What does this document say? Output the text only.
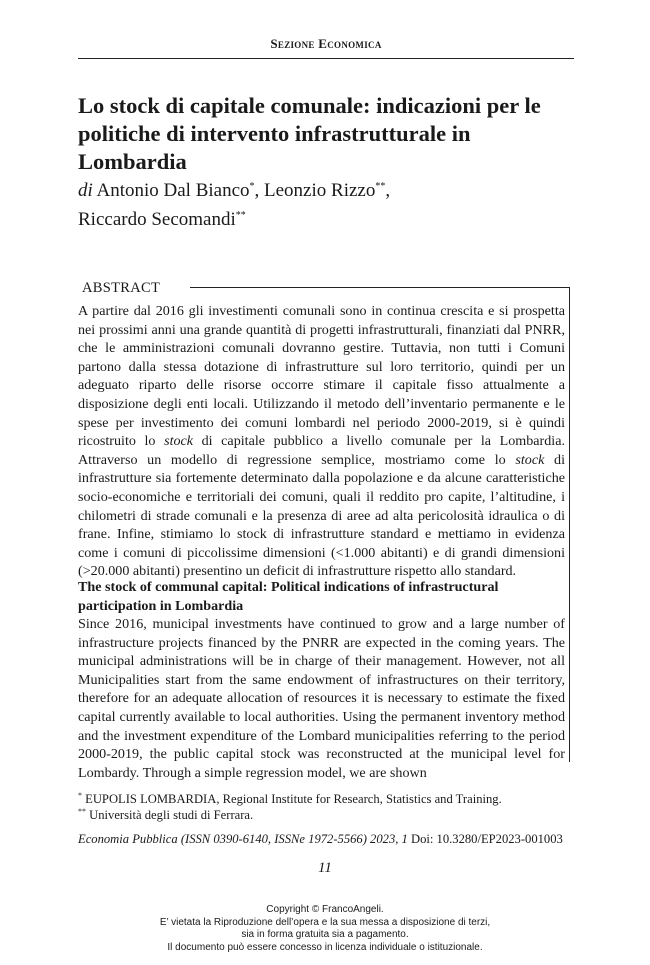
Sezione Economica
Lo stock di capitale comunale: indicazioni per le politiche di intervento infrastrutturale in Lombardia
di Antonio Dal Bianco*, Leonzio Rizzo**,
Riccardo Secomandi**
ABSTRACT
A partire dal 2016 gli investimenti comunali sono in continua crescita e si prospetta nei prossimi anni una grande quantità di progetti infrastrutturali, finanziati dal PNRR, che le amministrazioni comunali dovranno gestire. Tuttavia, non tutti i Comuni partono dalla stessa dotazione di infrastrutture sul loro territorio, quindi per un adeguato riparto delle risorse occorre stimare il capitale fisso attualmente a disposizione degli enti locali. Utilizzando il metodo dell’inventario permanente e le spese per investimento dei comuni lombardi nel periodo 2000-2019, si è quindi ricostruito lo stock di capitale pubblico a livello comunale per la Lombardia. Attraverso un modello di regressione semplice, mostriamo come lo stock di infrastrutture sia fortemente determinato dalla popolazione e da alcune caratteristiche socio-economiche e territoriali dei comuni, quali il reddito pro capite, l’altitudine, i chilometri di strade comunali e la presenza di aree ad alta pericolosità idraulica o di frane. Infine, stimiamo lo stock di infrastrutture standard e mettiamo in evidenza come i comuni di piccolissime dimensioni (<1.000 abitanti) e di grandi dimensioni (>20.000 abitanti) presentino un deficit di infrastrutture rispetto allo standard.
The stock of communal capital: Political indications of infrastructural participation in Lombardia
Since 2016, municipal investments have continued to grow and a large number of infrastructure projects financed by the PNRR are expected in the coming years. The municipal administrations will be in charge of their management. However, not all Municipalities start from the same endowment of infrastructures on their territory, therefore for an adequate allocation of resources it is necessary to estimate the fixed capital currently available to local authorities. Using the permanent inventory method and the investment expenditure of the Lombard municipalities referring to the period 2000-2019, the public capital stock was reconstructed at the municipal level for Lombardy. Through a simple regression model, we are shown
* EUPOLIS LOMBARDIA, Regional Institute for Research, Statistics and Training.
** Università degli studi di Ferrara.
Economia Pubblica (ISSN 0390-6140, ISSNe 1972-5566) 2023, 1 Doi: 10.3280/EP2023-001003
11
Copyright © FrancoAngeli.
E’ vietata la Riproduzione dell’opera e la sua messa a disposizione di terzi,
sia in forma gratuita sia a pagamento.
Il documento può essere concesso in licenza individuale o istituzionale.
